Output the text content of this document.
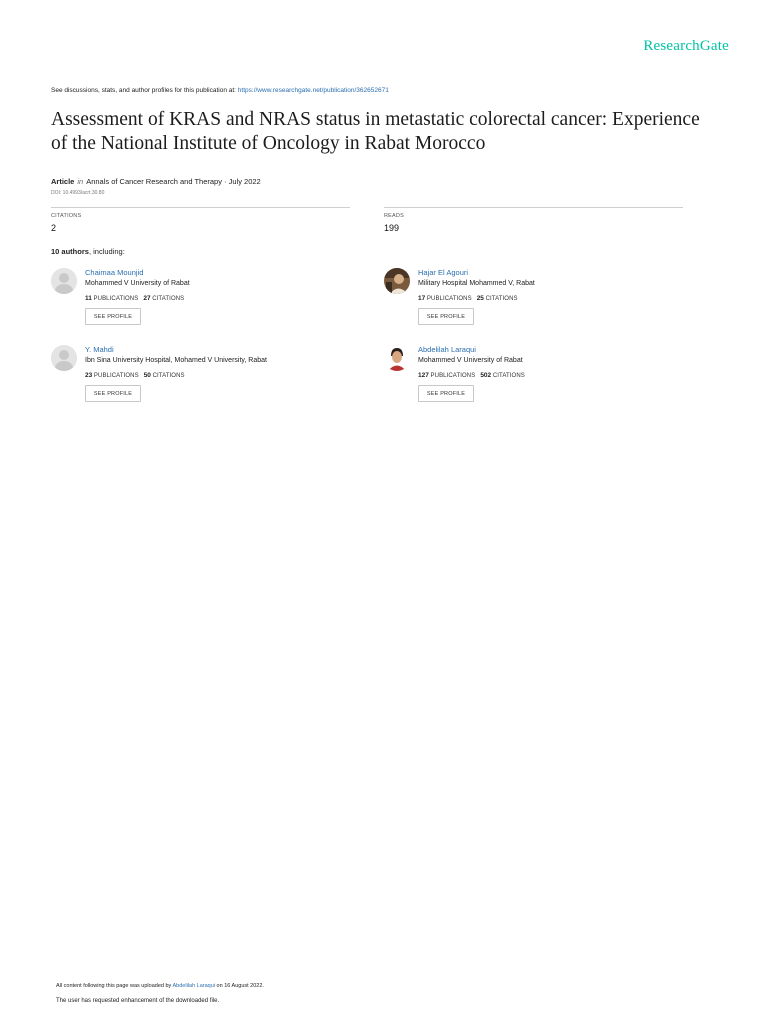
ResearchGate
See discussions, stats, and author profiles for this publication at: https://www.researchgate.net/publication/362652671
Assessment of KRAS and NRAS status in metastatic colorectal cancer: Experience of the National Institute of Oncology in Rabat Morocco
Article in Annals of Cancer Research and Therapy · July 2022
DOI: 10.4993/acrt.30.80
CITATIONS
2
READS
199
10 authors, including:
Chaimaa Mounjid
Mohammed V University of Rabat
11 PUBLICATIONS 27 CITATIONS
SEE PROFILE
Hajar El Agouri
Military Hospital Mohammed V, Rabat
17 PUBLICATIONS 25 CITATIONS
SEE PROFILE
Y. Mahdi
Ibn Sina University Hospital, Mohamed V University, Rabat
23 PUBLICATIONS 50 CITATIONS
SEE PROFILE
Abdelilah Laraqui
Mohammed V University of Rabat
127 PUBLICATIONS 502 CITATIONS
SEE PROFILE
All content following this page was uploaded by Abdelilah Laraqui on 16 August 2022.
The user has requested enhancement of the downloaded file.
